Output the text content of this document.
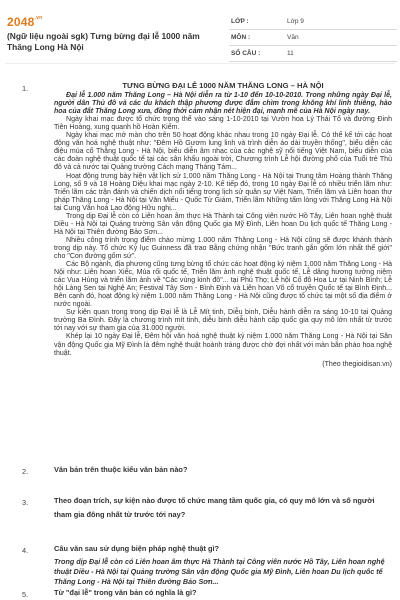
$2048^{.vn}$
(Ngữ liệu ngoài sgk) Tưng bừng đại lễ 1000 năm Thăng Long Hà Nội
LỚP :	Lớp 9
MÔN :	Văn
SỐ CÂU :	11
1.	TƯNG BỪNG ĐẠI LỄ 1000 NĂM THĂNG LONG – HÀ NỘI

Đại lễ 1.000 năm Thăng Long – Hà Nội diễn ra từ 1-10 đến 10-10-2010. Trong những ngày Đại lễ, người dân Thủ đô và các du khách thập phương được đắm chìm trong không khí linh thiêng, hào hoa của đất Thăng Long xưa, đồng thời cảm nhận nét hiện đại, mạnh mẽ của Hà Nội ngày nay.

Ngày khai mạc được tổ chức trọng thể vào sáng 1-10-2010 tại Vườn hoa Lý Thái Tổ và đường Đinh Tiên Hoàng, xung quanh hồ Hoàn Kiếm.

Ngày khai mạc mở màn cho trên 50 hoạt động khác nhau trong 10 ngày Đại lễ. Có thể kể tới các hoạt động văn hoá nghệ thuật như: "Đêm Hồ Gươm lung linh và trình diễn áo dài truyền thống", biểu diễn các điệu múa cổ Thăng Long - Hà Nội, biểu diễn âm nhạc của các nghệ sỹ nổi tiếng Việt Nam, biểu diễn của các đoàn nghệ thuật quốc tế tại các sân khấu ngoài trời, Chương trình Lễ hội đường phố của Tuổi trẻ Thủ đô và cả nước tại Quảng trường Cách mạng Tháng Tám...

Hoạt động trưng bày hiện vật lịch sử 1.000 năm Thăng Long - Hà Nội tại Trung tâm Hoàng thành Thăng Long, số 9 và 18 Hoàng Diệu khai mạc ngày 2-10. Kế tiếp đó, trong 10 ngày Đại lễ có nhiều triển lãm như: Triển lãm các trận đánh và chiến dịch nổi tiếng trong lịch sử quân sự Việt Nam, Triển lãm và Liên hoan thư pháp Thăng Long - Hà Nội tại Văn Miếu - Quốc Tử Giám, Triển lãm Những tấm lòng với Thăng Long Hà Nội tại Cung Văn hoá Lao động Hữu nghị...

Trong dịp Đại lễ còn có Liên hoan âm thực Hà Thành tại Công viên nước Hồ Tây, Liên hoan nghệ thuật Diều - Hà Nội tại Quảng trường Sân vận động Quốc gia Mỹ Đình, Liên hoan Du lịch quốc tế Thăng Long - Hà Nội tại Thiên đường Bảo Sơn...

Nhiều công trình trọng điểm chào mừng 1.000 năm Thăng Long - Hà Nội cũng sẽ được khánh thành trong dịp này. Tổ chức Kỷ lục Guinness đã trao Bằng chứng nhận "Bức tranh gắn gốm lớn nhất thế giới" cho "Con đường gốm sứ".

Các Bộ ngành, địa phương cũng tưng bừng tổ chức các hoạt động kỷ niệm 1.000 năm Thăng Long - Hà Nội như: Liên hoan Xiếc, Múa rối quốc tế, Triển lãm ảnh nghệ thuật quốc tế, Lễ dâng hương tưởng niệm các Vua Hùng và triển lãm ảnh về "Các vùng kinh đô"... tại Phú Thọ; Lễ hội Cố đô Hoa Lư tại Ninh Bình; Lễ hội Làng Sen tại Nghệ An; Festival Tây Sơn - Bình Định và Liên hoan Võ cổ truyền Quốc tế tại Bình Định... Bên cạnh đó, hoạt động kỷ niệm 1.000 năm Thăng Long - Hà Nội cũng được tổ chức tại một số địa điểm ở nước ngoài.

Sự kiện quan trọng trong dịp Đại lễ là Lễ Mít tinh, Diễu binh, Diễu hành diễn ra sáng 10-10 tại Quảng trường Ba Đình. Đây là chương trình mít tinh, diễu binh diễu hành cấp quốc gia quy mô lớn nhất từ trước tới nay với sự tham gia của 31.000 người.

Khép lại 10 ngày Đại lễ, Đêm hội văn hoá nghệ thuật kỷ niệm 1.000 năm Thăng Long - Hà Nội tại Sân vận động Quốc gia Mỹ Đình là đêm nghệ thuật hoành tráng được chờ đợi nhất với màn bắn pháo hoa nghệ thuật.

(Theo thegioidisan.vn)
2.	Văn bản trên thuộc kiểu văn bản nào?
3.	Theo đoạn trích, sự kiện nào được tổ chức mang tầm quốc gia, có quy mô lớn và số người tham gia đông nhất từ trước tới nay?
4.	Câu văn sau sử dụng biện pháp nghệ thuật gì?
Trong dịp Đại lễ còn có Liên hoan âm thực Hà Thành tại Công viên nước Hồ Tây, Liên hoan nghệ thuật Diều - Hà Nội tại Quảng trường Sân vận động Quốc gia Mỹ Đình, Liên hoan Du lịch quốc tế Thăng Long - Hà Nội tại Thiên đường Bảo Sơn...
5.	Từ "đại lễ" trong văn bản có nghĩa là gì?
